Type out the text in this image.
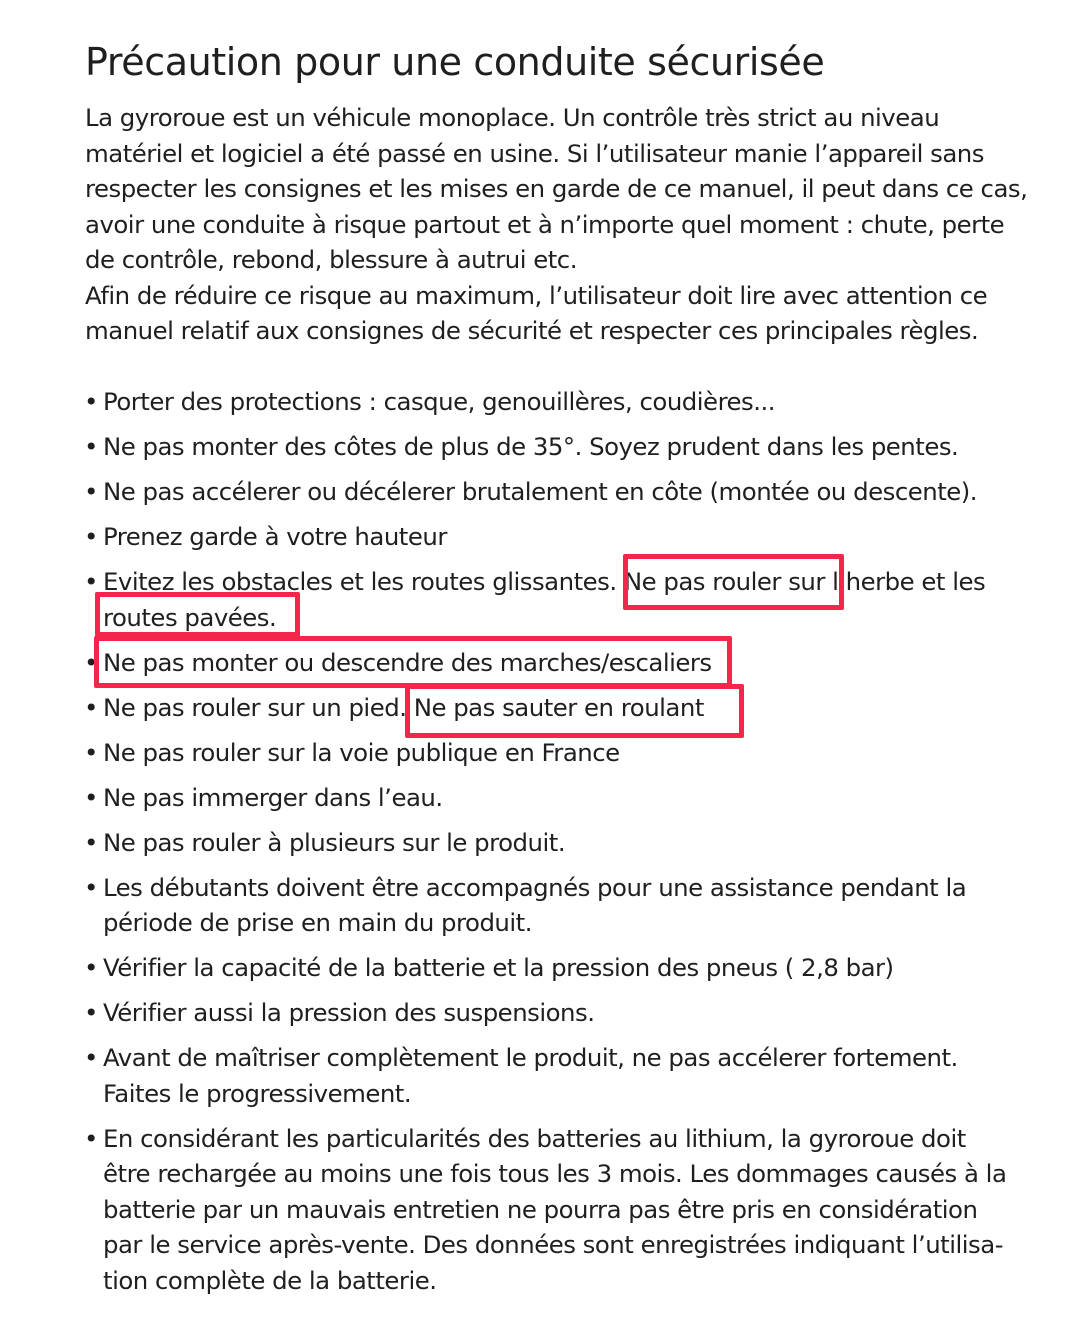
Précaution pour une conduite sécurisée
La gyroroue est un véhicule monoplace. Un contrôle très strict au niveau
matériel et logiciel a été passé en usine. Si l’utilisateur manie l’appareil sans
respecter les consignes et les mises en garde de ce manuel, il peut dans ce cas,
avoir une conduite à risque partout et à n’importe quel moment : chute, perte
de contrôle, rebond, blessure à autrui etc.
Afin de réduire ce risque au maximum, l’utilisateur doit lire avec attention ce
manuel relatif aux consignes de sécurité et respecter ces principales règles.
• Porter des protections : casque, genouillères, coudières...
• Ne pas monter des côtes de plus de 35°. Soyez prudent dans les pentes.
• Ne pas accélerer ou décélerer brutalement en côte (montée ou descente).
• Prenez garde à votre hauteur
• Evitez les obstacles et les routes glissantes. Ne pas rouler sur l’herbe et les
routes pavées.
• Ne pas monter ou descendre des marches/escaliers
• Ne pas rouler sur un pied. Ne pas sauter en roulant
• Ne pas rouler sur la voie publique en France
• Ne pas immerger dans l’eau.
• Ne pas rouler à plusieurs sur le produit.
• Les débutants doivent être accompagnés pour une assistance pendant la
période de prise en main du produit.
• Vérifier la capacité de la batterie et la pression des pneus ( 2,8 bar)
• Vérifier aussi la pression des suspensions.
• Avant de maîtriser complètement le produit, ne pas accélerer fortement.
Faites le progressivement.
• En considérant les particularités des batteries au lithium, la gyroroue doit
être rechargée au moins une fois tous les 3 mois. Les dommages causés à la
batterie par un mauvais entretien ne pourra pas être pris en considération
par le service après-vente. Des données sont enregistrées indiquant l’utilisa-
tion complète de la batterie.
